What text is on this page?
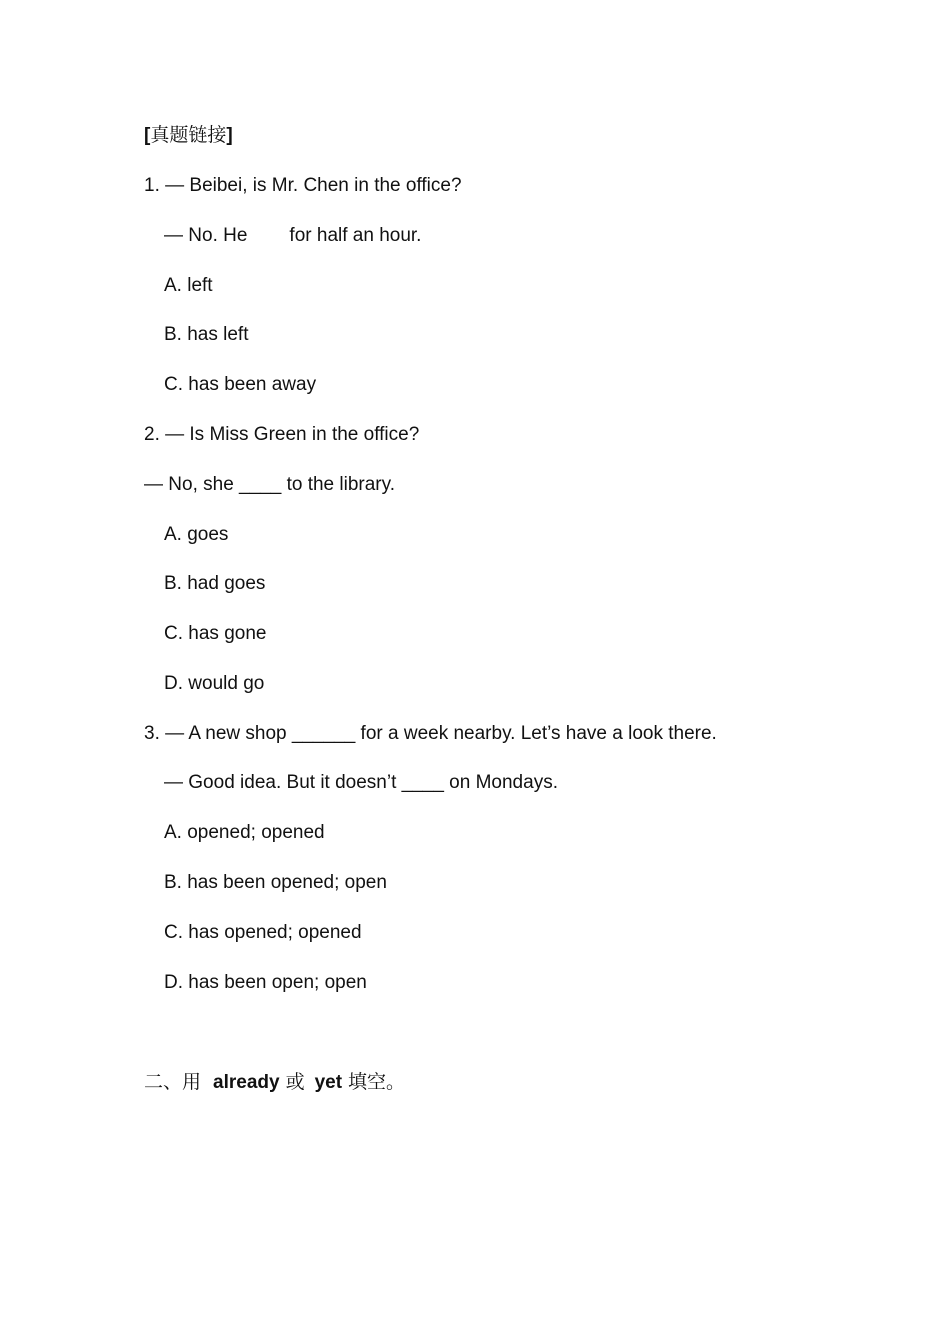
[真题链接]
1. — Beibei, is Mr. Chen in the office?
— No. He for half an hour.
A. left
B. has left
C. has been away
2. — Is Miss Green in the office?
— No, she ____ to the library.
A. goes
B. had goes
C. has gone
D. would go
3. — A new shop ______ for a week nearby. Let’s have a look there.
— Good idea. But it doesn’t ____ on Mondays.
A. opened; opened
B. has been opened; open
C. has opened; opened
D. has been open; open
二、用 already 或 yet 填空。
